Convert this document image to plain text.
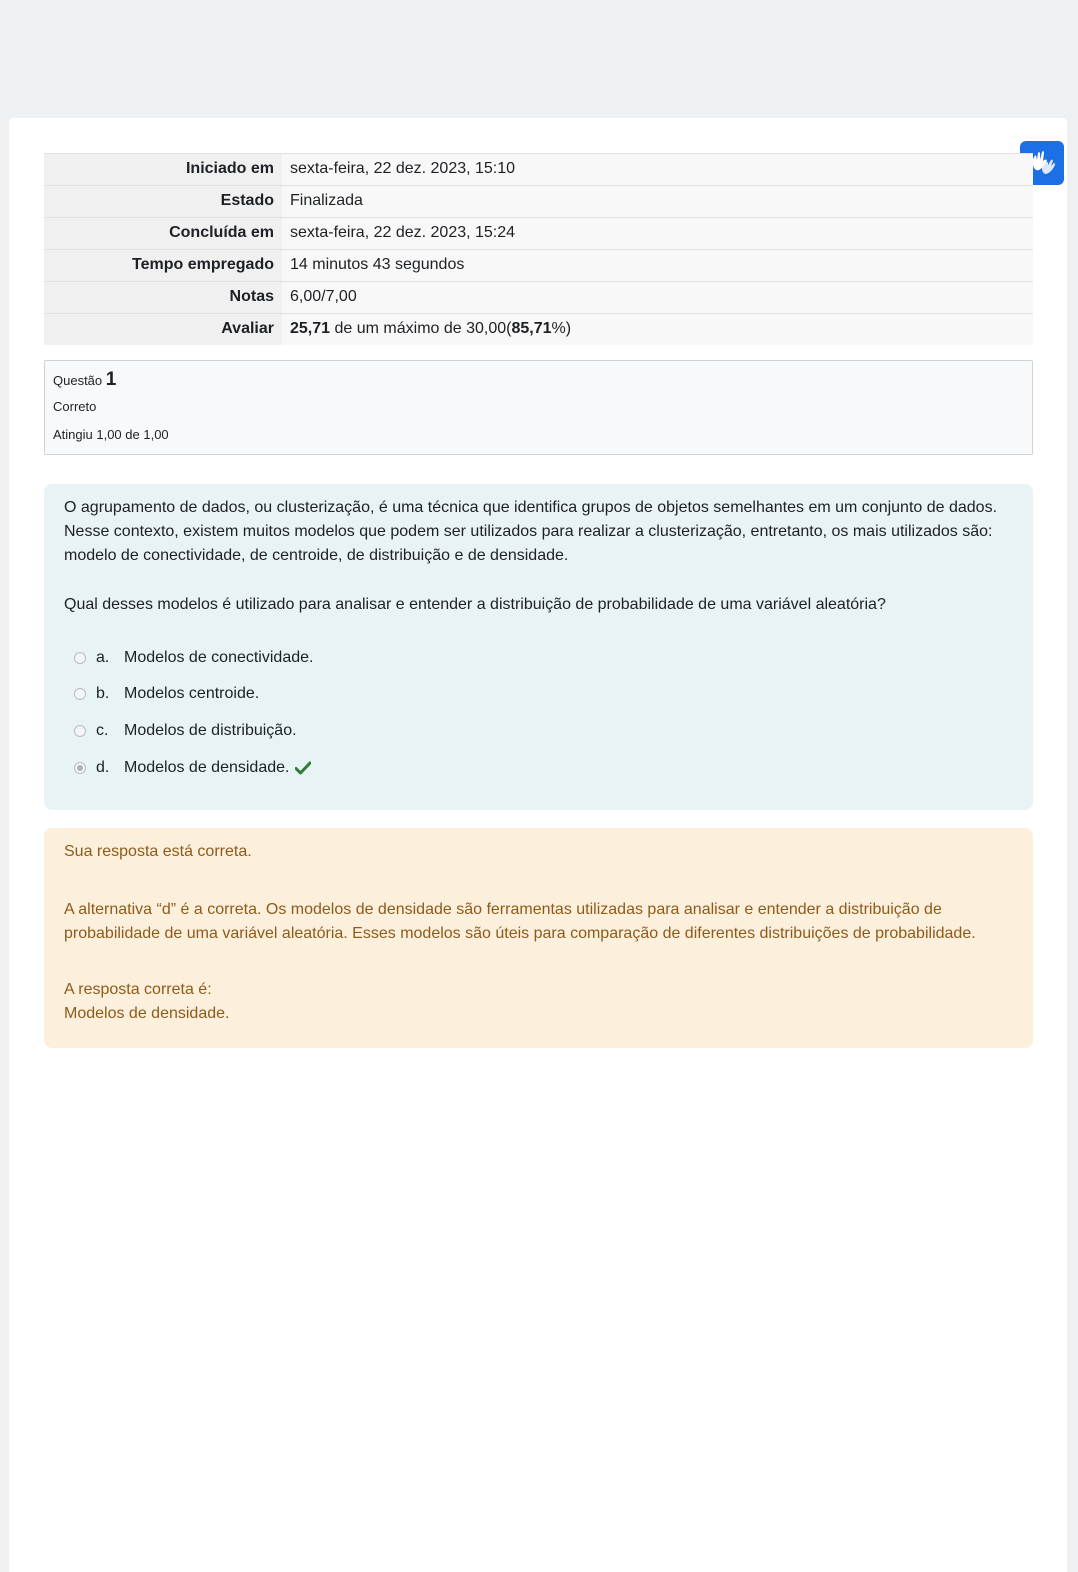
Iniciado em	sexta-feira, 22 dez. 2023, 15:10
Estado	Finalizada
Concluída em	sexta-feira, 22 dez. 2023, 15:24
Tempo empregado	14 minutos 43 segundos
Notas	6,00/7,00
Avaliar	25,71 de um máximo de 30,00(85,71%)
Questão 1
Correto
Atingiu 1,00 de 1,00
O agrupamento de dados, ou clusterização, é uma técnica que identifica grupos de objetos semelhantes em um conjunto de dados. Nesse contexto, existem muitos modelos que podem ser utilizados para realizar a clusterização, entretanto, os mais utilizados são: modelo de conectividade, de centroide, de distribuição e de densidade.
Qual desses modelos é utilizado para analisar e entender a distribuição de probabilidade de uma variável aleatória?
a. Modelos de conectividade.
b. Modelos centroide.
c. Modelos de distribuição.
d. Modelos de densidade.
Sua resposta está correta.
A alternativa “d” é a correta. Os modelos de densidade são ferramentas utilizadas para analisar e entender a distribuição de probabilidade de uma variável aleatória. Esses modelos são úteis para comparação de diferentes distribuições de probabilidade.
A resposta correta é:
Modelos de densidade.
